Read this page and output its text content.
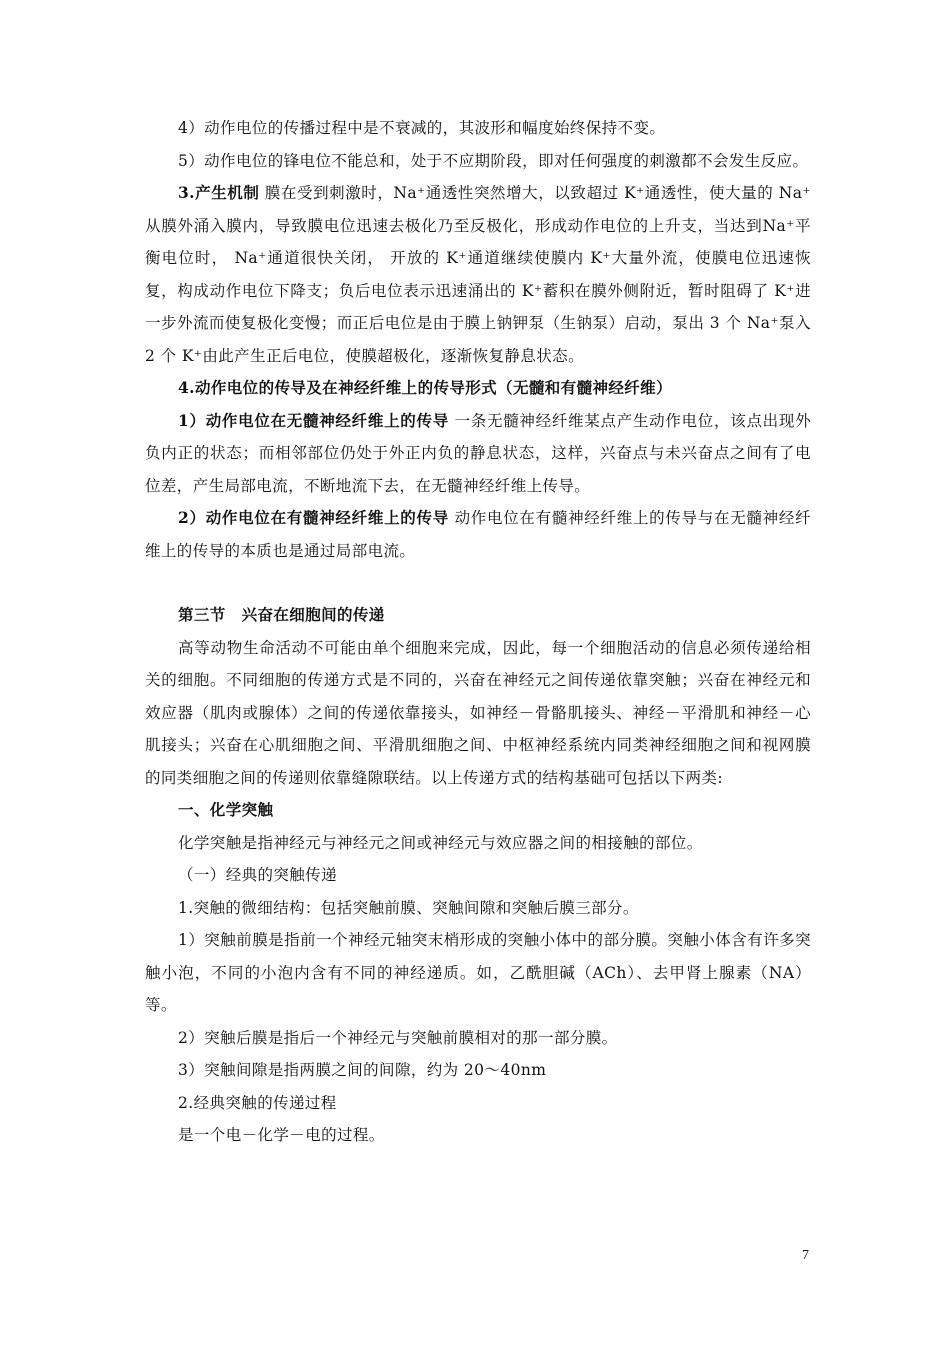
4）动作电位的传播过程中是不衰减的，其波形和幅度始终保持不变。

5）动作电位的锋电位不能总和，处于不应期阶段，即对任何强度的刺激都不会发生反应。

3.产生机制 膜在受到刺激时，Na⁺通透性突然增大，以致超过 K⁺通透性，使大量的 Na⁺从膜外涌入膜内，导致膜电位迅速去极化乃至反极化，形成动作电位的上升支，当达到Na⁺平衡电位时， Na⁺通道很快关闭， 开放的 K⁺通道继续使膜内 K⁺大量外流，使膜电位迅速恢复，构成动作电位下降支；负后电位表示迅速涌出的 K⁺蓄积在膜外侧附近，暂时阻碍了 K⁺进一步外流而使复极化变慢；而正后电位是由于膜上钠钾泵（生钠泵）启动，泵出 3 个 Na⁺泵入 2 个 K⁺由此产生正后电位，使膜超极化，逐渐恢复静息状态。

4.动作电位的传导及在神经纤维上的传导形式（无髓和有髓神经纤维）

1）动作电位在无髓神经纤维上的传导 一条无髓神经纤维某点产生动作电位，该点出现外负内正的状态；而相邻部位仍处于外正内负的静息状态，这样，兴奋点与未兴奋点之间有了电位差，产生局部电流，不断地流下去，在无髓神经纤维上传导。

2）动作电位在有髓神经纤维上的传导 动作电位在有髓神经纤维上的传导与在无髓神经纤维上的传导的本质也是通过局部电流。

第三节　兴奋在细胞间的传递

高等动物生命活动不可能由单个细胞来完成，因此，每一个细胞活动的信息必须传递给相关的细胞。不同细胞的传递方式是不同的，兴奋在神经元之间传递依靠突触；兴奋在神经元和效应器（肌肉或腺体）之间的传递依靠接头，如神经－骨骼肌接头、神经－平滑肌和神经－心肌接头；兴奋在心肌细胞之间、平滑肌细胞之间、中枢神经系统内同类神经细胞之间和视网膜的同类细胞之间的传递则依靠缝隙联结。以上传递方式的结构基础可包括以下两类:

一、化学突触

化学突触是指神经元与神经元之间或神经元与效应器之间的相接触的部位。

（一）经典的突触传递

1.突触的微细结构：包括突触前膜、突触间隙和突触后膜三部分。

1）突触前膜是指前一个神经元轴突末梢形成的突触小体中的部分膜。突触小体含有许多突触小泡，不同的小泡内含有不同的神经递质。如，乙酰胆碱（ACh）、去甲肾上腺素（NA）等。

2）突触后膜是指后一个神经元与突触前膜相对的那一部分膜。

3）突触间隙是指两膜之间的间隙，约为 20～40nm

2.经典突触的传递过程

是一个电－化学－电的过程。

7
